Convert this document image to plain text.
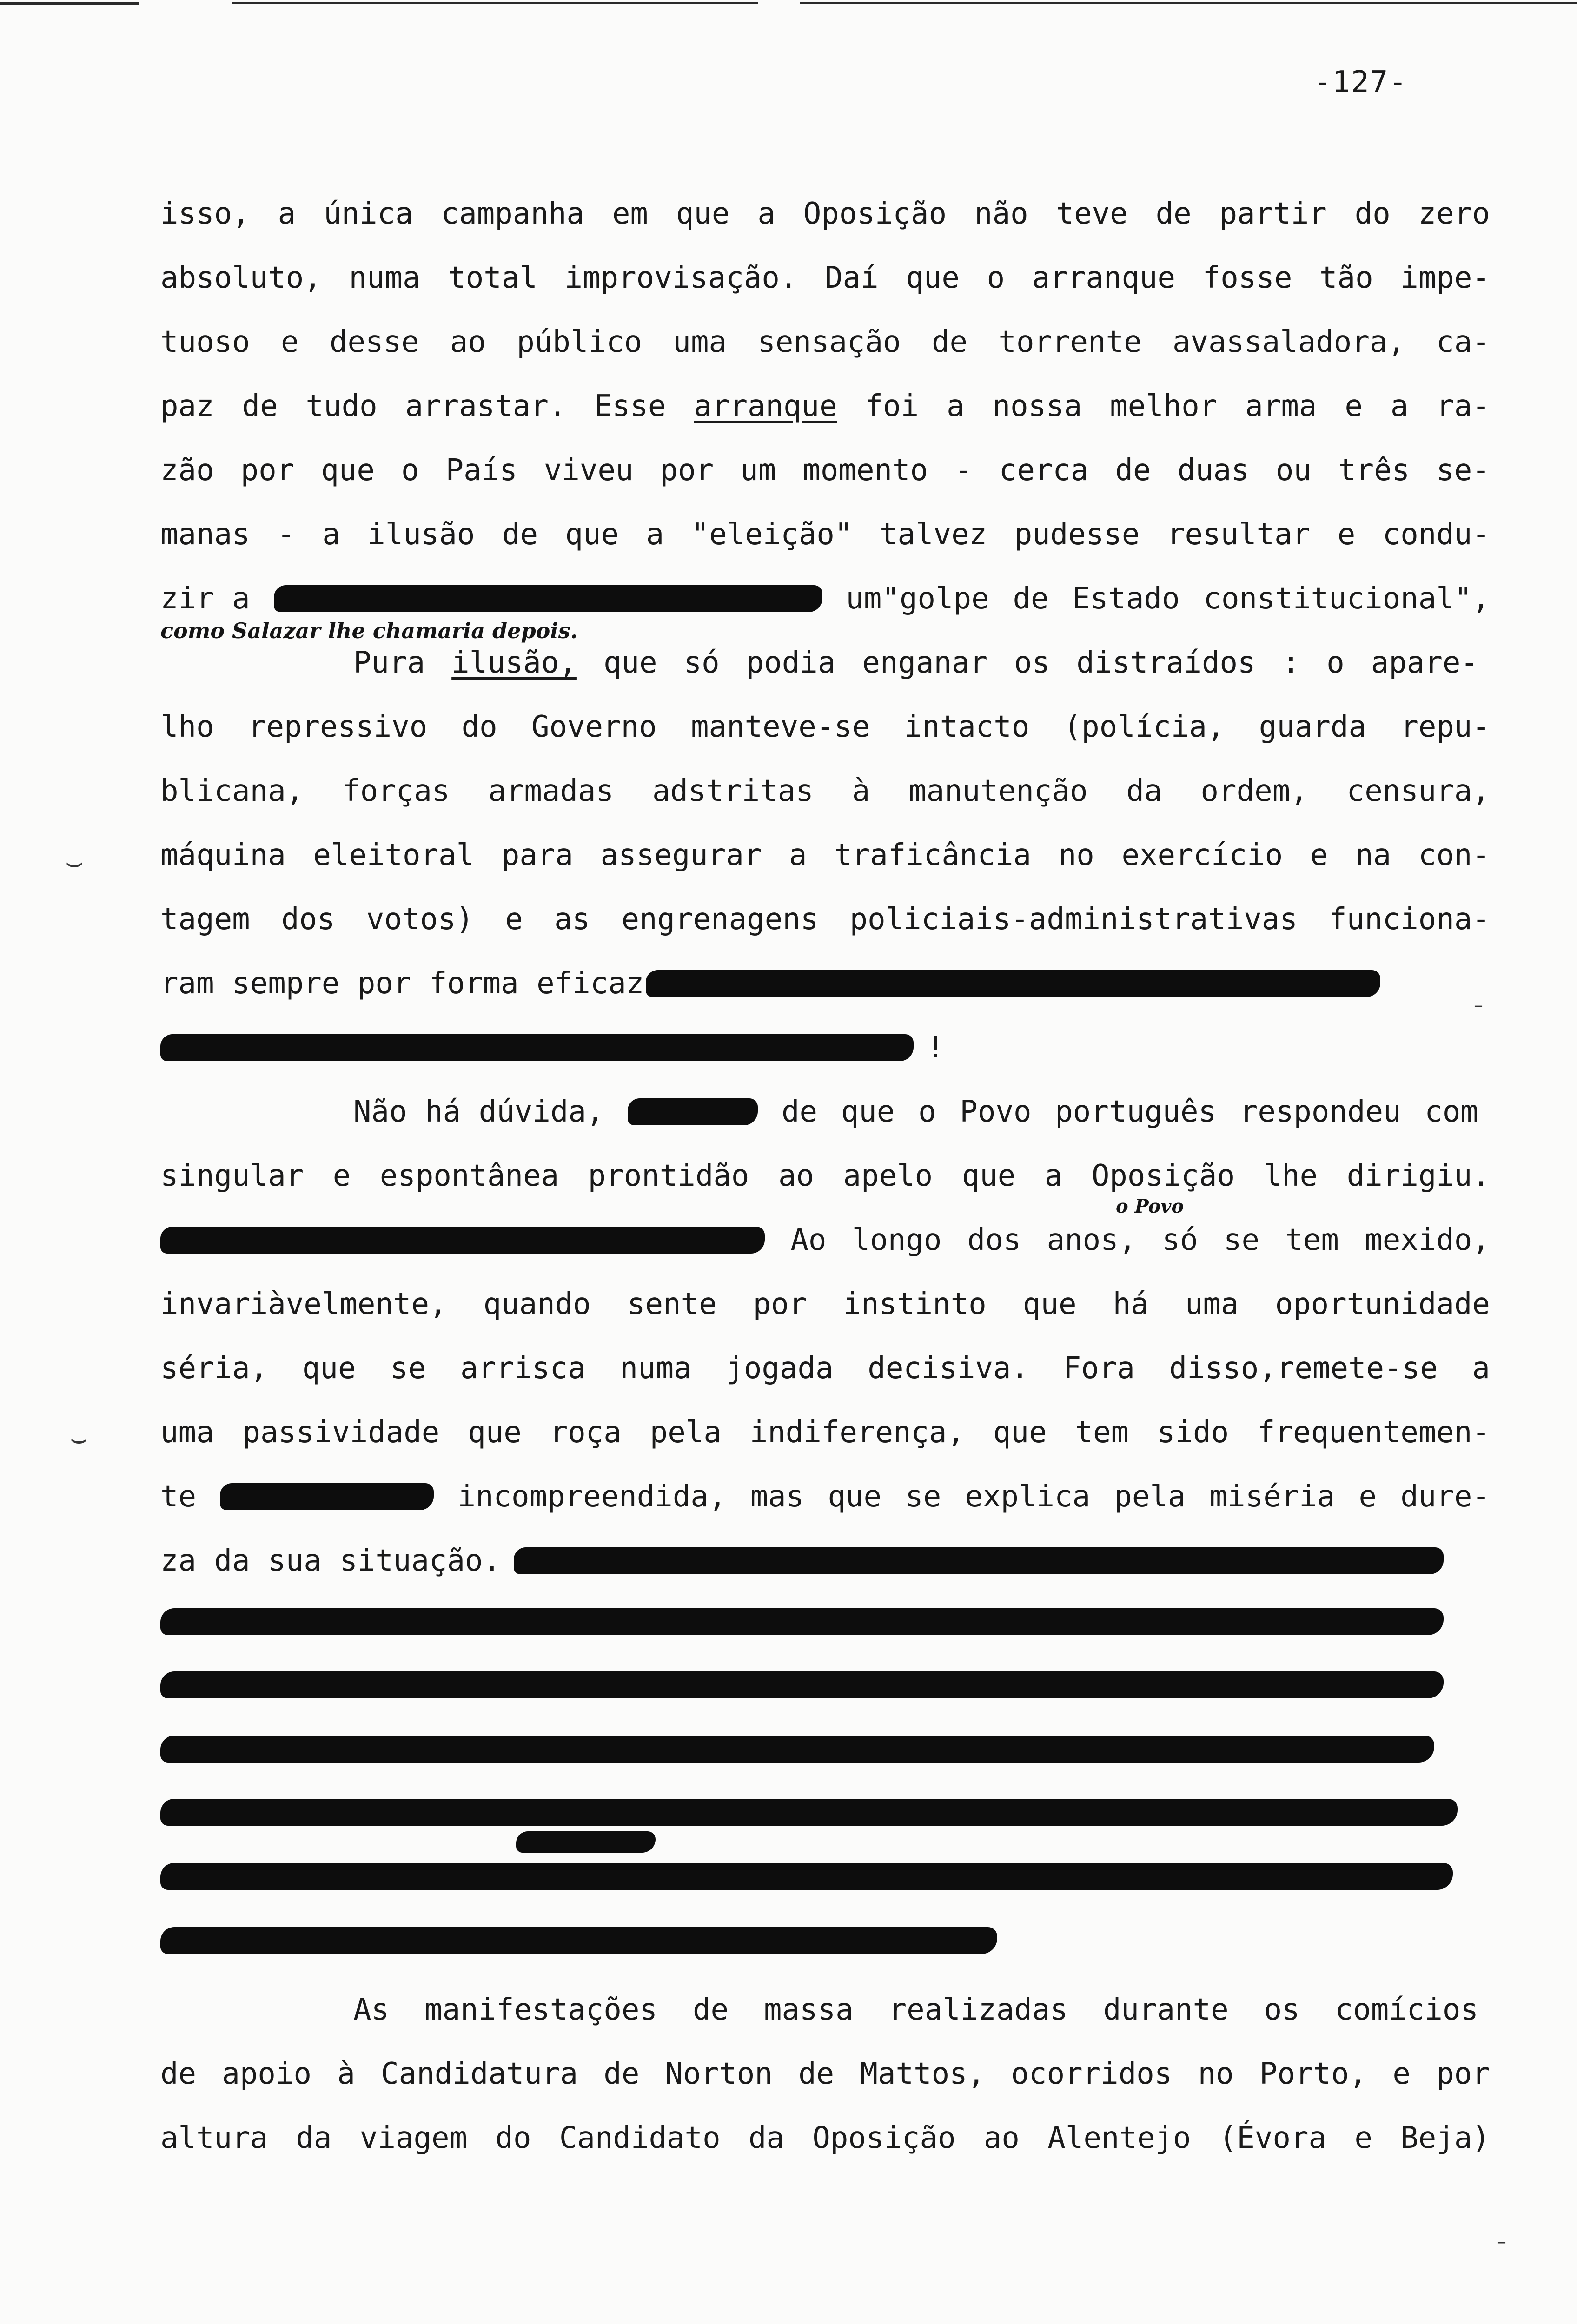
-127-
isso, a única campanha em que a Oposição não teve de partir do zero
absoluto, numa total improvisação. Daí que o arranque fosse tão impe-
tuoso e desse ao público uma sensação de torrente avassaladora, ca-
paz de tudo arrastar. Esse arranque foi a nossa melhor arma e a ra-
zão por que o País viveu por um momento - cerca de duas ou três se-
manas - a ilusão de que a "eleição" talvez pudesse resultar e condu-
zir a	um"golpe de Estado constitucional",
como Salazar lhe chamaria depois.
Pura ilusão, que só podia enganar os distraídos : o apare-
lho repressivo do Governo manteve-se intacto (polícia, guarda repu-
blicana, forças armadas adstritas à manutenção da ordem, censura,
máquina eleitoral para assegurar a traficância no exercício e na con-
tagem dos votos) e as engrenagens policiais-administrativas funciona-
ram sempre por forma eficaz
!
Não há dúvida,	de que o Povo português respondeu com
singular e espontânea prontidão ao apelo que a Oposição lhe dirigiu.
o Povo
Ao longo dos anos, só se tem mexido,
invariàvelmente, quando sente por instinto que há uma oportunidade
séria, que se arrisca numa jogada decisiva. Fora disso,remete-se a
uma passividade que roça pela indiferença, que tem sido frequentemen-
te	incompreendida, mas que se explica pela miséria e dure-
za da sua situação.
As manifestações de massa realizadas durante os comícios
de apoio à Candidatura de Norton de Mattos, ocorridos no Porto, e por
altura da viagem do Candidato da Oposição ao Alentejo (Évora e Beja)
⌣
⌣
–
–
